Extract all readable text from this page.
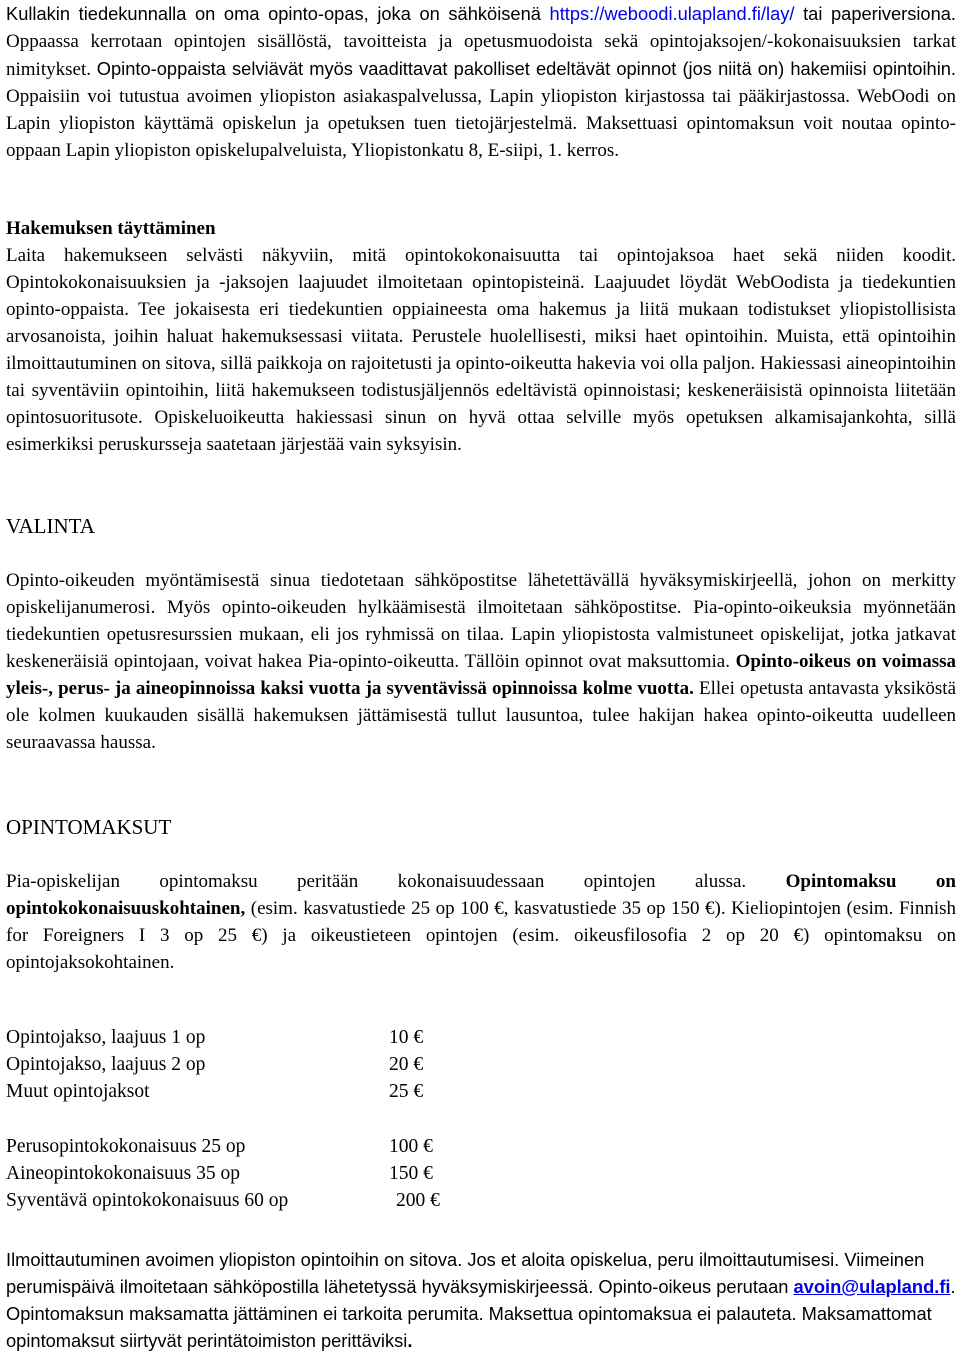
Kullakin tiedekunnalla on oma opinto-opas, joka on sähköisenä https://weboodi.ulapland.fi/lay/ tai paperiversiona. Oppaassa kerrotaan opintojen sisällöstä, tavoitteista ja opetusmuodoista sekä opintojaksojen/-kokonaisuuksien tarkat nimitykset. Opinto-oppaista selviävät myös vaadittavat pakolliset edeltävät opinnot (jos niitä on) hakemiisi opintoihin. Oppaisiin voi tutustua avoimen yliopiston asiakaspalvelussa, Lapin yliopiston kirjastossa tai pääkirjastossa. WebOodi on Lapin yliopiston käyttämä opiskelun ja opetuksen tuen tietojärjestelmä. Maksettuasi opintomaksun voit noutaa opinto-oppaan Lapin yliopiston opiskelupalveluista, Yliopistonkatu 8, E-siipi, 1. kerros.

Hakemuksen täyttäminen

Laita hakemukseen selvästi näkyviin, mitä opintokokonaisuutta tai opintojaksoa haet sekä niiden koodit. Opintokokonaisuuksien ja -jaksojen laajuudet ilmoitetaan opintopisteinä. Laajuudet löydät WebOodista ja tiedekuntien opinto-oppaista. Tee jokaisesta eri tiedekuntien oppiaineesta oma hakemus ja liitä mukaan todistukset yliopistollisista arvosanoista, joihin haluat hakemuksessasi viitata. Perustele huolellisesti, miksi haet opintoihin. Muista, että opintoihin ilmoittautuminen on sitova, sillä paikkoja on rajoitetusti ja opinto-oikeutta hakevia voi olla paljon. Hakiessasi aineopintoihin tai syventäviin opintoihin, liitä hakemukseen todistusjäljennös edeltävistä opinnoistasi; keskeneräisistä opinnoista liitetään opintosuoritusote. Opiskeluoikeutta hakiessasi sinun on hyvä ottaa selville myös opetuksen alkamisajankohta, sillä esimerkiksi peruskursseja saatetaan järjestää vain syksyisin.

VALINTA

Opinto-oikeuden myöntämisestä sinua tiedotetaan sähköpostitse lähetettävällä hyväksymiskirjeellä, johon on merkitty opiskelijanumerosi. Myös opinto-oikeuden hylkäämisestä ilmoitetaan sähköpostitse. Pia-opinto-oikeuksia myönnetään tiedekuntien opetusresurssien mukaan, eli jos ryhmissä on tilaa. Lapin yliopistosta valmistuneet opiskelijat, jotka jatkavat keskeneräisiä opintojaan, voivat hakea Pia-opinto-oikeutta. Tällöin opinnot ovat maksuttomia. Opinto-oikeus on voimassa yleis-, perus- ja aineopinnoissa kaksi vuotta ja syventävissä opinnoissa kolme vuotta. Ellei opetusta antavasta yksiköstä ole kolmen kuukauden sisällä hakemuksen jättämisestä tullut lausuntoa, tulee hakijan hakea opinto-oikeutta uudelleen seuraavassa haussa.

OPINTOMAKSUT

Pia-opiskelijan opintomaksu peritään kokonaisuudessaan opintojen alussa. Opintomaksu on opintokokonaisuuskohtainen, (esim. kasvatustiede 25 op 100 €, kasvatustiede 35 op 150 €). Kieliopintojen (esim. Finnish for Foreigners I 3 op 25 €) ja oikeustieteen opintojen (esim. oikeusfilosofia 2 op 20 €) opintomaksu on opintojaksokohtainen.

Opintojakso, laajuus 1 op	10 €
Opintojakso, laajuus 2 op	20 €
Muut opintojaksot	25 €
Perusopintokokonaisuus 25 op	100 €
Aineopintokokonaisuus 35 op	150 €
Syventävä opintokokonaisuus 60 op	200 €

Ilmoittautuminen avoimen yliopiston opintoihin on sitova. Jos et aloita opiskelua, peru ilmoittautumisesi. Viimeinen perumispäivä ilmoitetaan sähköpostilla lähetetyssä hyväksymiskirjeessä. Opinto-oikeus perutaan avoin@ulapland.fi. Opintomaksun maksamatta jättäminen ei tarkoita perumita. Maksettua opintomaksua ei palauteta. Maksamattomat opintomaksut siirtyvät perintätoimiston perittäviksi.
